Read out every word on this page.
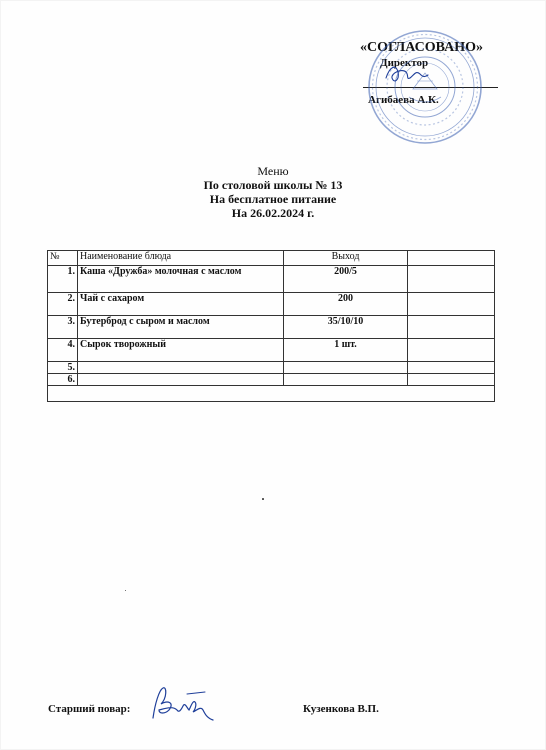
«СОГЛАСОВАНО»
Директор
Агибаева А.К.
Меню
По столовой школы № 13
На бесплатное питание
На 26.02.2024 г.
№	Наименование блюда	Выход	
1.	Каша «Дружба» молочная с маслом	200/5	
2.	Чай с сахаром	200	
3.	Бутерброд с сыром и маслом	35/10/10	
4.	Сырок творожный	1 шт.	
5.			
6.			

Старший повар:	Кузенкова В.П.
